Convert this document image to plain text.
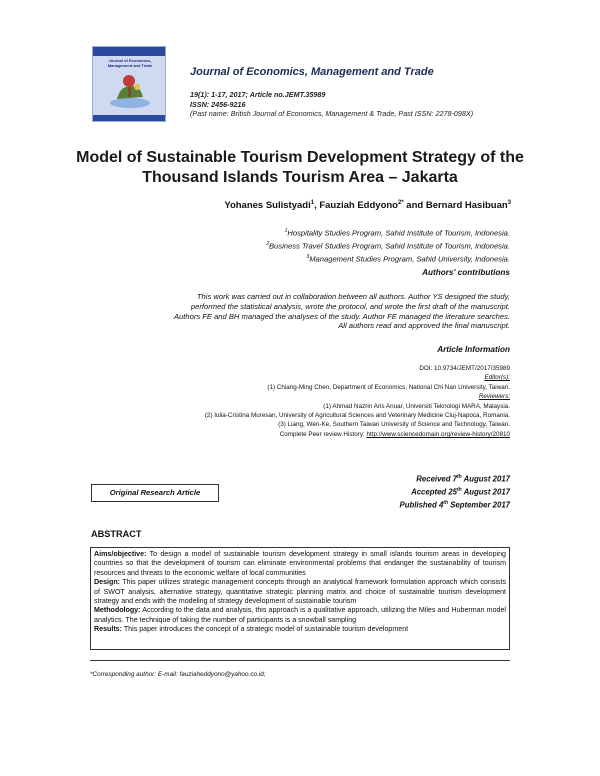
Journal of Economics, Management and Trade
Journal of Economics, Management and Trade
19(1): 1-17, 2017; Article no.JEMT.35989
ISSN: 2456-9216
(Past name: British Journal of Economics, Management & Trade, Past ISSN: 2278-098X)
Model of Sustainable Tourism Development Strategy of the Thousand Islands Tourism Area – Jakarta
Yohanes Sulistyadi$^1$, Fauziah Eddyono$^{2*}$ and Bernard Hasibuan$^3$
$^1$Hospitality Studies Program, Sahid Institute of Tourism, Indonesia.
$^2$Business Travel Studies Program, Sahid Institute of Tourism, Indonesia.
$^3$Management Studies Program, Sahid University, Indonesia.
Authors' contributions
This work was carried out in collaboration between all authors. Author YS designed the study,
performed the statistical analysis, wrote the protocol, and wrote the first draft of the manuscript.
Authors FE and BH managed the analyses of the study. Author FE managed the literature searches.
All authors read and approved the final manuscript.
Article Information
DOI: 10.9734/JEMT/2017/35989
Editor(s):
(1) Chiang-Ming Chen, Department of Economics, National Chi Nan University, Taiwan.
Reviewers:
(1) Ahmad Nazrin Aris Anuar, Universiti Teknologi MARA, Malaysia.
(2) Iulia-Cristina Muresan, University of Agricultural Sciences and Veterinary Medicine Cluj-Napoca, Romania.
(3) Liang, Wen-Ke, Southern Taiwan University of Science and Technology, Taiwan.
Complete Peer review History: http://www.sciencedomain.org/review-history/20810
Original Research Article
Received 7th August 2017
Accepted 25th August 2017
Published 4th September 2017
ABSTRACT

Aims/objective: To design a model of sustainable tourism development strategy in small islands tourism areas in developing countries so that the development of tourism can eliminate environmental problems that endanger the sustainability of tourism resources and threats to the economic welfare of local communities

Design: This paper utilizes strategic management concepts through an analytical framework formulation approach which consists of SWOT analysis, alternative strategy, quantitative strategic planning matrix and choice of sustainable tourism development strategy and ends with the modeling of strategy development of sustainable tourism

Methodology: According to the data and analysis, this approach is a qualitative approach, utilizing the Miles and Huberman model analytics. The technique of taking the number of participants is a snowball sampling

Results: This paper introduces the concept of a strategic model of sustainable tourism development

*Corresponding author: E-mail: fauziaheddyono@yahoo.co.id;
